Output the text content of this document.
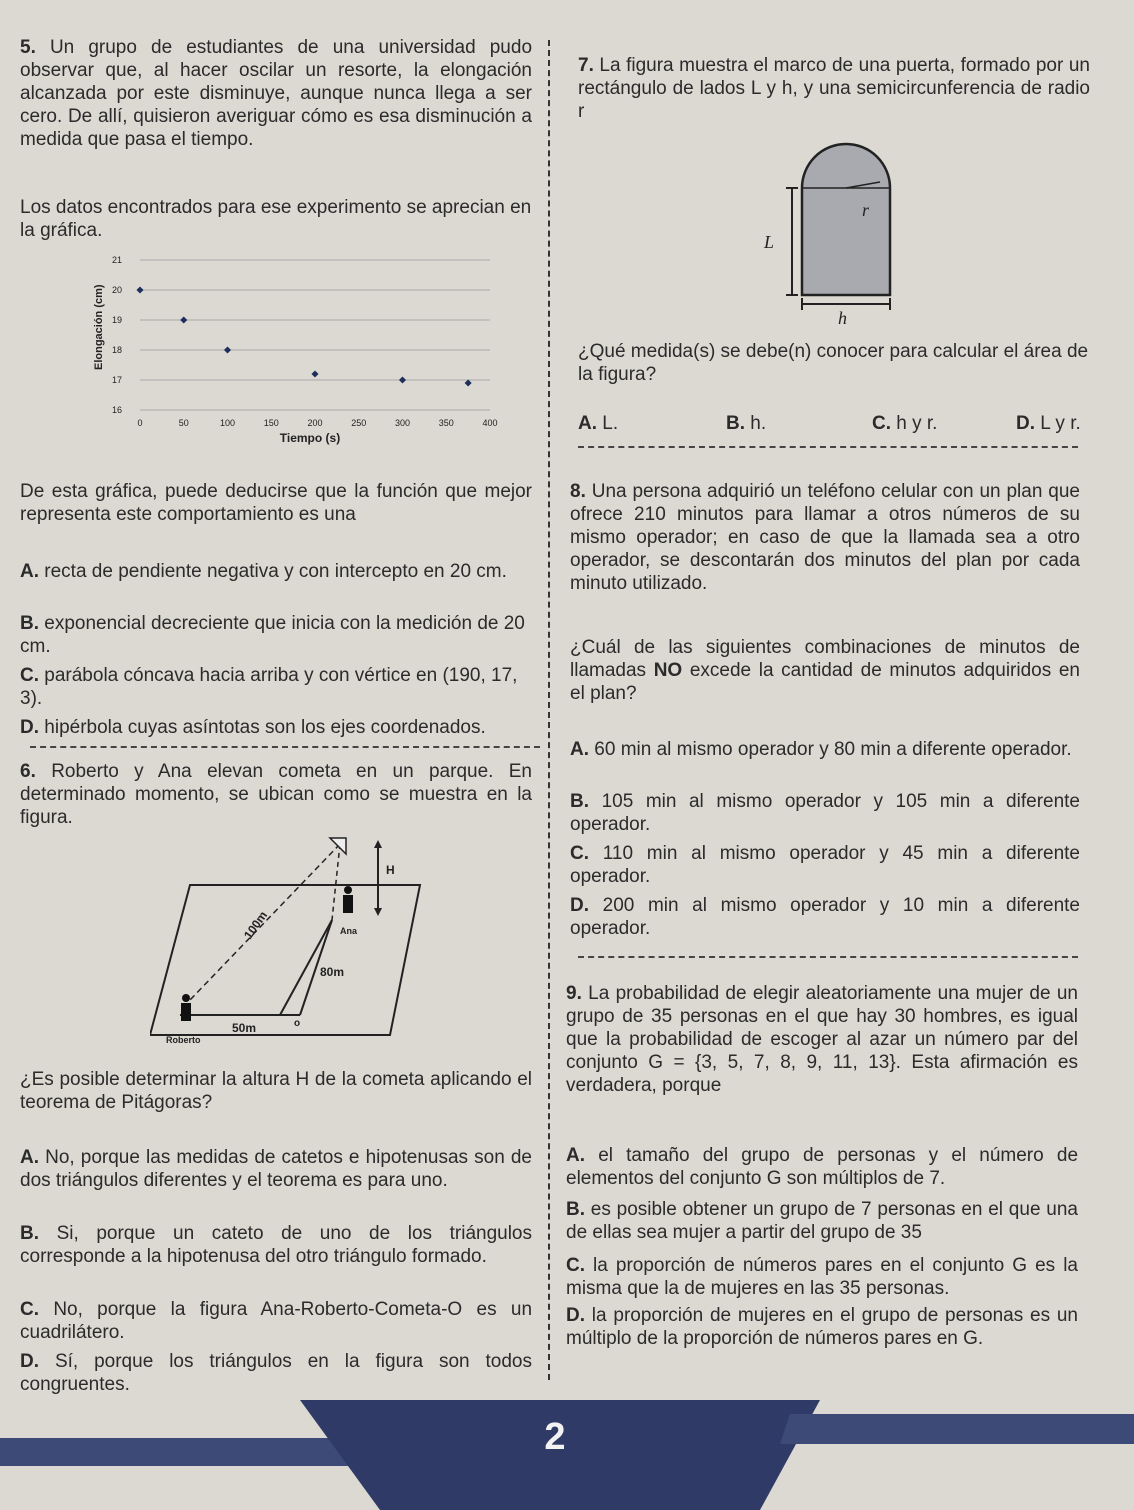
5. Un grupo de estudiantes de una universidad pudo observar que, al hacer oscilar un resorte, la elongación alcanzada por este disminuye, aunque nunca llega a ser cero. De allí, quisieron averiguar cómo es esa disminución a medida que pasa el tiempo.
Los datos encontrados para ese experimento se aprecian en la gráfica.
16
17
18
19
20
21
0	50	100	150	200	250	300	350	400
Elongación (cm)
Tiempo (s)
De esta gráfica, puede deducirse que la función que mejor representa este comportamiento es una
A. recta de pendiente negativa y con intercepto en 20 cm.
B. exponencial decreciente que inicia con la medición de 20 cm.
C. parábola cóncava hacia arriba y con vértice en (190, 17, 3).
D. hipérbola cuyas asíntotas son los ejes coordenados.
6. Roberto y Ana elevan cometa en un parque. En determinado momento, se ubican como se muestra en la figura.
H
Ana
100m
80m
50m	o
Roberto
¿Es posible determinar la altura H de la cometa aplicando el teorema de Pitágoras?
A. No, porque las medidas de catetos e hipotenusas son de dos triángulos diferentes y el teorema es para uno.
B. Si, porque un cateto de uno de los triángulos corresponde a la hipotenusa del otro triángulo formado.
C. No, porque la figura Ana-Roberto-Cometa-O es un cuadrilátero.
D. Sí, porque los triángulos en la figura son todos congruentes.
7. La figura muestra el marco de una puerta, formado por un rectángulo de lados L y h, y una semicircunferencia de radio r
r
L
h
¿Qué medida(s) se debe(n) conocer para calcular el área de la figura?
A. L.	B. h.	C. h y r.	D. L y r.
8. Una persona adquirió un teléfono celular con un plan que ofrece 210 minutos para llamar a otros números de su mismo operador; en caso de que la llamada sea a otro operador, se descontarán dos minutos del plan por cada minuto utilizado.
¿Cuál de las siguientes combinaciones de minutos de llamadas NO excede la cantidad de minutos adquiridos en el plan?
A. 60 min al mismo operador y 80 min a diferente operador.
B. 105 min al mismo operador y 105 min a diferente operador.
C. 110 min al mismo operador y 45 min a diferente operador.
D. 200 min al mismo operador y 10 min a diferente operador.
9. La probabilidad de elegir aleatoriamente una mujer de un grupo de 35 personas en el que hay 30 hombres, es igual que la probabilidad de escoger al azar un número par del conjunto G = {3, 5, 7, 8, 9, 11, 13}. Esta afirmación es verdadera, porque
A. el tamaño del grupo de personas y el número de elementos del conjunto G son múltiplos de 7.
B. es posible obtener un grupo de 7 personas en el que una de ellas sea mujer a partir del grupo de 35
C. la proporción de números pares en el conjunto G es la misma que la de mujeres en las 35 personas.
D. la proporción de mujeres en el grupo de personas es un múltiplo de la proporción de números pares en G.
2
